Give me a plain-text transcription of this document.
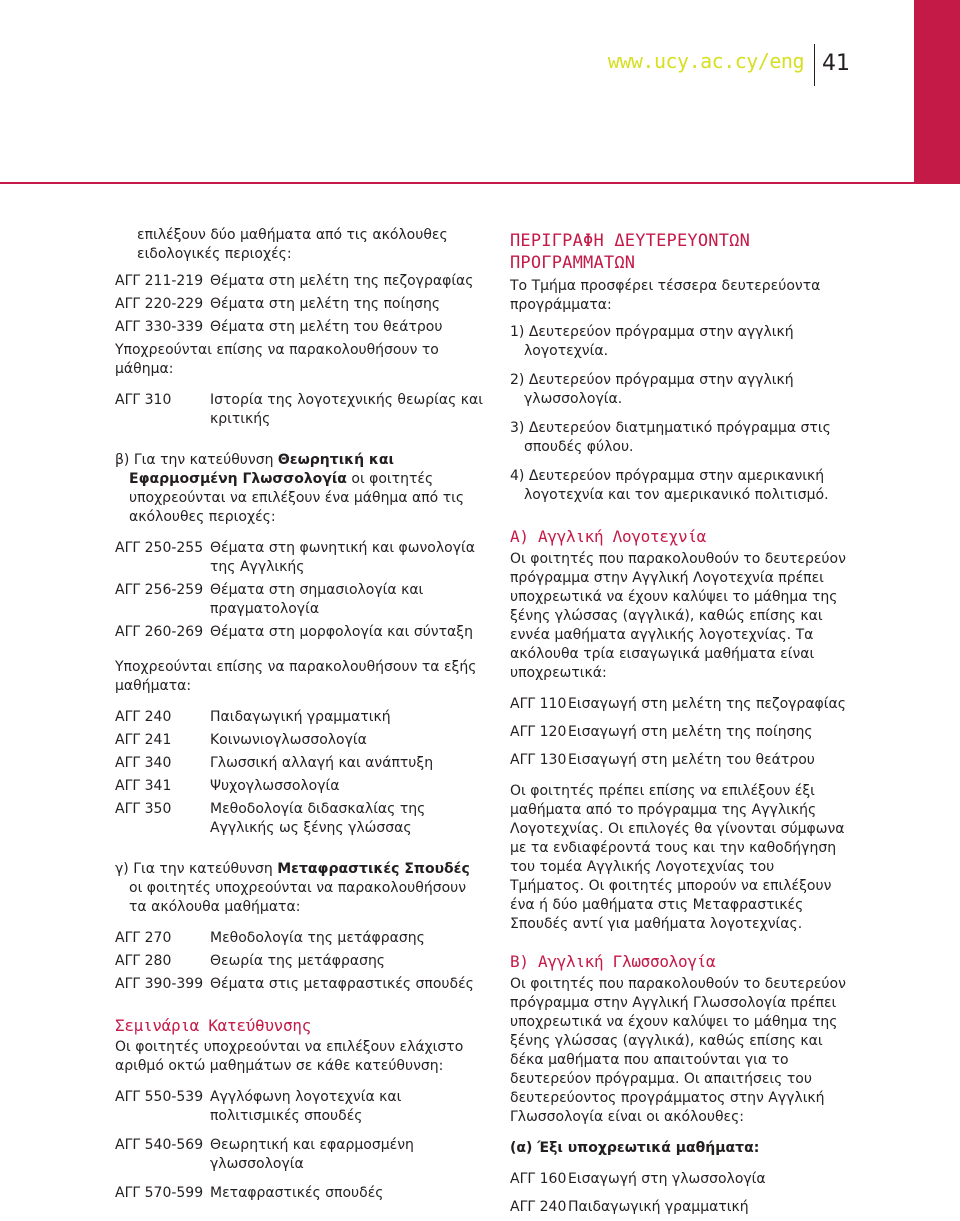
www.ucy.ac.cy/eng 41

επιλέξουν δύο μαθήματα από τις ακόλουθες

ειδολογικές περιοχές:

ΑΓΓ 211-219 Θέματα στη μελέτη της πεζογραφίας
ΑΓΓ 220-229 Θέματα στη μελέτη της ποίησης
ΑΓΓ 330-339 Θέματα στη μελέτη του θεάτρου

Υποχρεούνται επίσης να παρακολουθήσουν το μάθημα:

ΑΓΓ 310	Ιστορία της λογοτεχνικής θεωρίας και κριτικής

β) Για την κατεύθυνση Θεωρητική και Εφαρμοσμένη Γλωσσολογία οι φοιτητές υποχρεούνται να επιλέξουν ένα μάθημα από τις ακόλουθες περιοχές:

ΑΓΓ 250-255 Θέματα στη φωνητική και φωνολογία της Αγγλικής
ΑΓΓ 256-259 Θέματα στη σημασιολογία και πραγματολογία
ΑΓΓ 260-269 Θέματα στη μορφολογία και σύνταξη

Υποχρεούνται επίσης να παρακολουθήσουν τα εξής μαθήματα:

ΑΓΓ 240	Παιδαγωγική γραμματική
ΑΓΓ 241	Κοινωνιογλωσσολογία
ΑΓΓ 340	Γλωσσική αλλαγή και ανάπτυξη
ΑΓΓ 341	Ψυχογλωσσολογία
ΑΓΓ 350	Μεθοδολογία διδασκαλίας της Αγγλικής ως ξένης γλώσσας

γ) Για την κατεύθυνση Μεταφραστικές Σπουδές οι φοιτητές υποχρεούνται να παρακολουθήσουν τα ακόλουθα μαθήματα:

ΑΓΓ 270	Μεθοδολογία της μετάφρασης
ΑΓΓ 280	Θεωρία της μετάφρασης
ΑΓΓ 390-399 Θέματα στις μεταφραστικές σπουδές

Σεμινάρια Κατεύθυνσης

Οι φοιτητές υποχρεούνται να επιλέξουν ελάχιστο αριθμό οκτώ μαθημάτων σε κάθε κατεύθυνση:

ΑΓΓ 550-539 Αγγλόφωνη λογοτεχνία και πολιτισμικές σπουδές
ΑΓΓ 540-569 Θεωρητική και εφαρμοσμένη γλωσσολογία
ΑΓΓ 570-599 Μεταφραστικές σπουδές

ΠΕΡΙΓΡΑΦΗ ΔΕΥΤΕΡΕΥΟΝΤΩΝ

ΠΡΟΓΡΑΜΜΑΤΩΝ

Το Τμήμα προσφέρει τέσσερα δευτερεύοντα προγράμματα:

1) Δευτερεύον πρόγραμμα στην αγγλική λογοτεχνία.

2) Δευτερεύον πρόγραμμα στην αγγλική γλωσσολογία.

3) Δευτερεύον διατμηματικό πρόγραμμα στις σπουδές φύλου.

4) Δευτερεύον πρόγραμμα στην αμερικανική λογοτεχνία και τον αμερικανικό πολιτισμό.

A) Αγγλική Λογοτεχνία

Οι φοιτητές που παρακολουθούν το δευτερεύον πρόγραμμα στην Αγγλική Λογοτεχνία πρέπει υποχρεωτικά να έχουν καλύψει το μάθημα της ξένης γλώσσας (αγγλικά), καθώς επίσης και εννέα μαθήματα αγγλικής λογοτεχνίας. Τα ακόλουθα τρία εισαγωγικά μαθήματα είναι υποχρεωτικά:

ΑΓΓ 110 Εισαγωγή στη μελέτη της πεζογραφίας
ΑΓΓ 120 Εισαγωγή στη μελέτη της ποίησης
ΑΓΓ 130 Εισαγωγή στη μελέτη του θεάτρου

Οι φοιτητές πρέπει επίσης να επιλέξουν έξι μαθήματα από το πρόγραμμα της Αγγλικής Λογοτεχνίας. Οι επιλογές θα γίνονται σύμφωνα με τα ενδιαφέροντά τους και την καθοδήγηση του τομέα Αγγλικής Λογοτεχνίας του Τμήματος. Οι φοιτητές μπορούν να επιλέξουν ένα ή δύο μαθήματα στις Μεταφραστικές Σπουδές αντί για μαθήματα λογοτεχνίας.

B) Αγγλική Γλωσσολογία

Οι φοιτητές που παρακολουθούν το δευτερεύον πρόγραμμα στην Αγγλική Γλωσσολογία πρέπει υποχρεωτικά να έχουν καλύψει το μάθημα της ξένης γλώσσας (αγγλικά), καθώς επίσης και δέκα μαθήματα που απαιτούνται για το δευτερεύον πρόγραμμα. Οι απαιτήσεις του δευτερεύοντος προγράμματος στην Αγγλική Γλωσσολογία είναι οι ακόλουθες:

(α) Έξι υποχρεωτικά μαθήματα:

ΑΓΓ 160 Εισαγωγή στη γλωσσολογία
ΑΓΓ 240 Παιδαγωγική γραμματική
